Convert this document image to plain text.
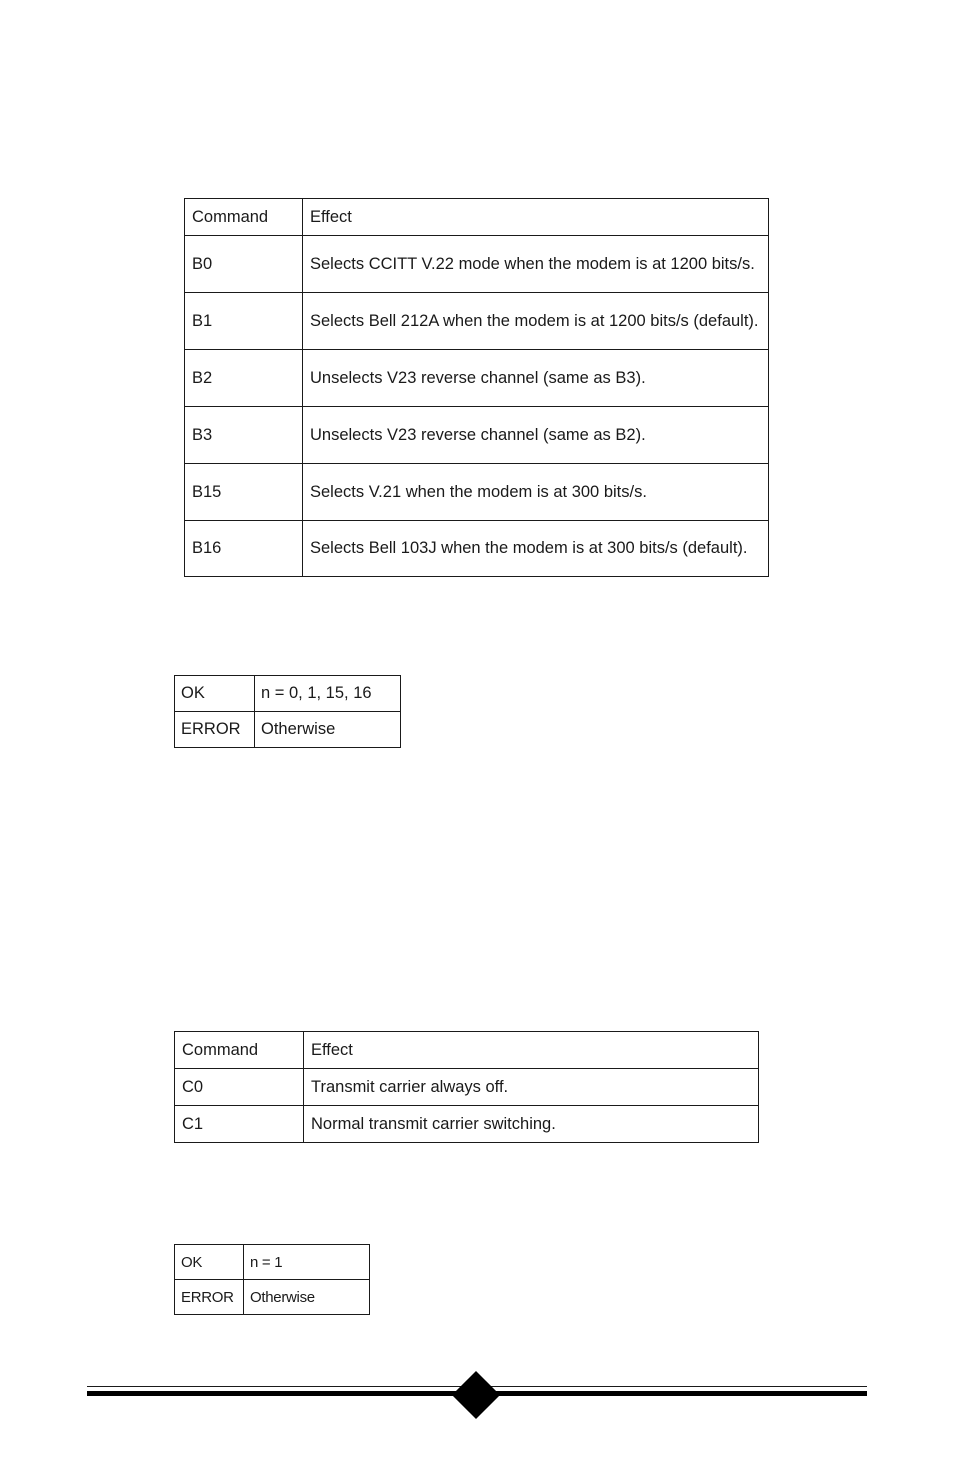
Command	Effect
B0	Selects CCITT V.22 mode when the modem is at 1200 bits/s.
B1	Selects Bell 212A when the modem is at 1200 bits/s (default).
B2	Unselects V23 reverse channel (same as B3).
B3	Unselects V23 reverse channel (same as B2).
B15	Selects V.21 when the modem is at 300 bits/s.
B16	Selects Bell 103J when the modem is at 300 bits/s (default).
OK	n = 0, 1, 15, 16
ERROR	Otherwise
Command	Effect
C0	Transmit carrier always off.
C1	Normal transmit carrier switching.
OK	n = 1
ERROR	Otherwise
